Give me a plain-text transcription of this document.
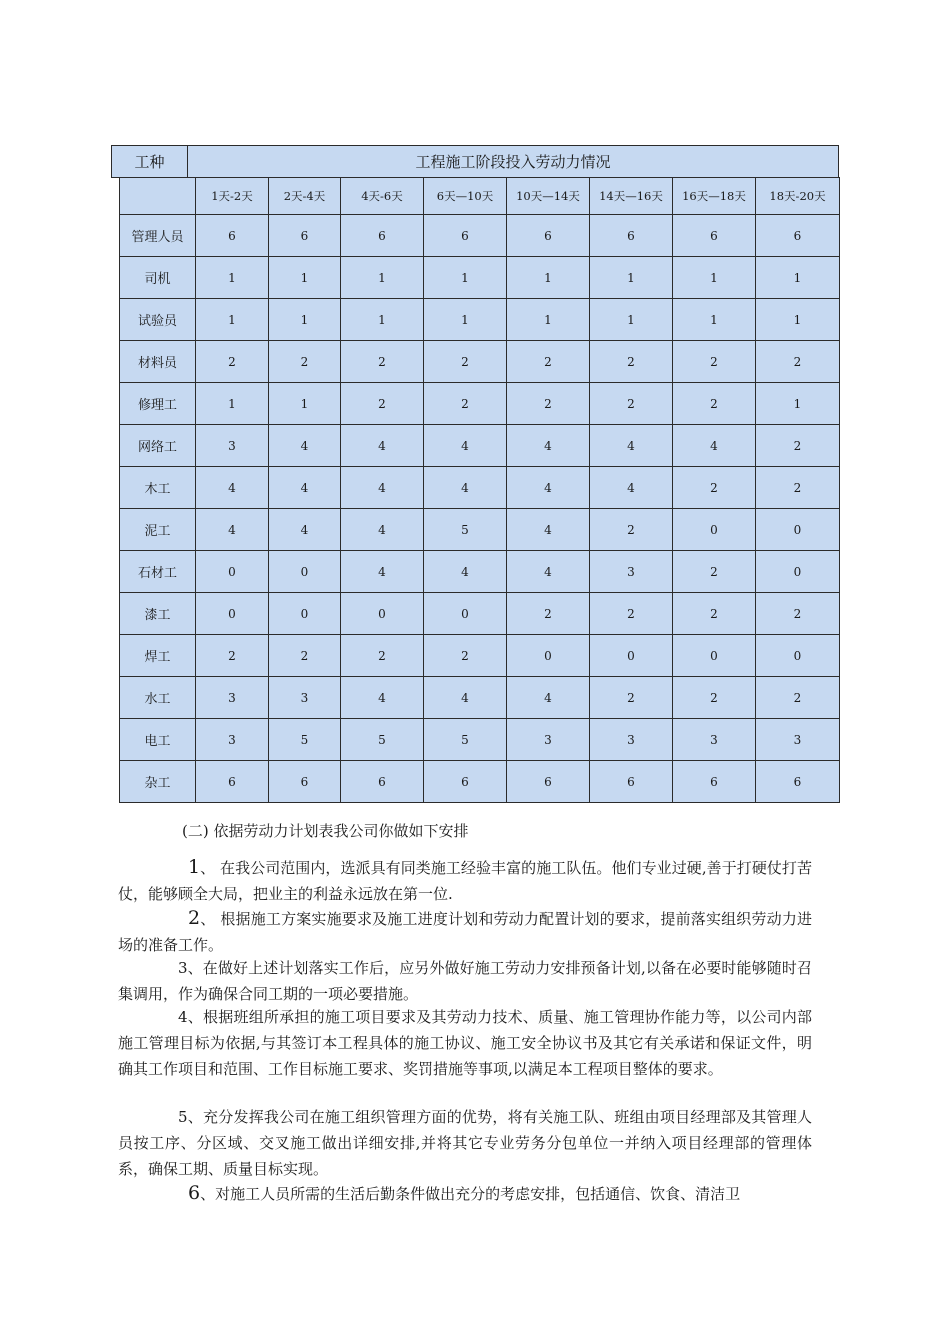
工种	工程施工阶段投入劳动力情况
	1天-2天	2天-4天	4天-6天	6天—10天	10天—14天	14天—16天	16天—18天	18天-20天
管理人员	6	6	6	6	6	6	6	6
司机	1	1	1	1	1	1	1	1
试验员	1	1	1	1	1	1	1	1
材料员	2	2	2	2	2	2	2	2
修理工	1	1	2	2	2	2	2	1
网络工	3	4	4	4	4	4	4	2
木工	4	4	4	4	4	4	2	2
泥工	4	4	4	5	4	2	0	0
石材工	0	0	4	4	4	3	2	0
漆工	0	0	0	0	2	2	2	2
焊工	2	2	2	2	0	0	0	0
水工	3	3	4	4	4	2	2	2
电工	3	5	5	5	3	3	3	3
杂工	6	6	6	6	6	6	6	6

(二) 依据劳动力计划表我公司你做如下安排

1、 在我公司范围内，选派具有同类施工经验丰富的施工队伍。他们专业过硬,善于打硬仗打苦仗，能够顾全大局，把业主的利益永远放在第一位.

2、 根据施工方案实施要求及施工进度计划和劳动力配置计划的要求，提前落实组织劳动力进场的准备工作。

3、在做好上述计划落实工作后，应另外做好施工劳动力安排预备计划,以备在必要时能够随时召集调用，作为确保合同工期的一项必要措施。

4、根据班组所承担的施工项目要求及其劳动力技术、质量、施工管理协作能力等，以公司内部施工管理目标为依据,与其签订本工程具体的施工协议、施工安全协议书及其它有关承诺和保证文件，明确其工作项目和范围、工作目标施工要求、奖罚措施等事项,以满足本工程项目整体的要求。

5、充分发挥我公司在施工组织管理方面的优势，将有关施工队、班组由项目经理部及其管理人员按工序、分区域、交叉施工做出详细安排,并将其它专业劳务分包单位一并纳入项目经理部的管理体系，确保工期、质量目标实现。

6、对施工人员所需的生活后勤条件做出充分的考虑安排，包括通信、饮食、清洁卫
